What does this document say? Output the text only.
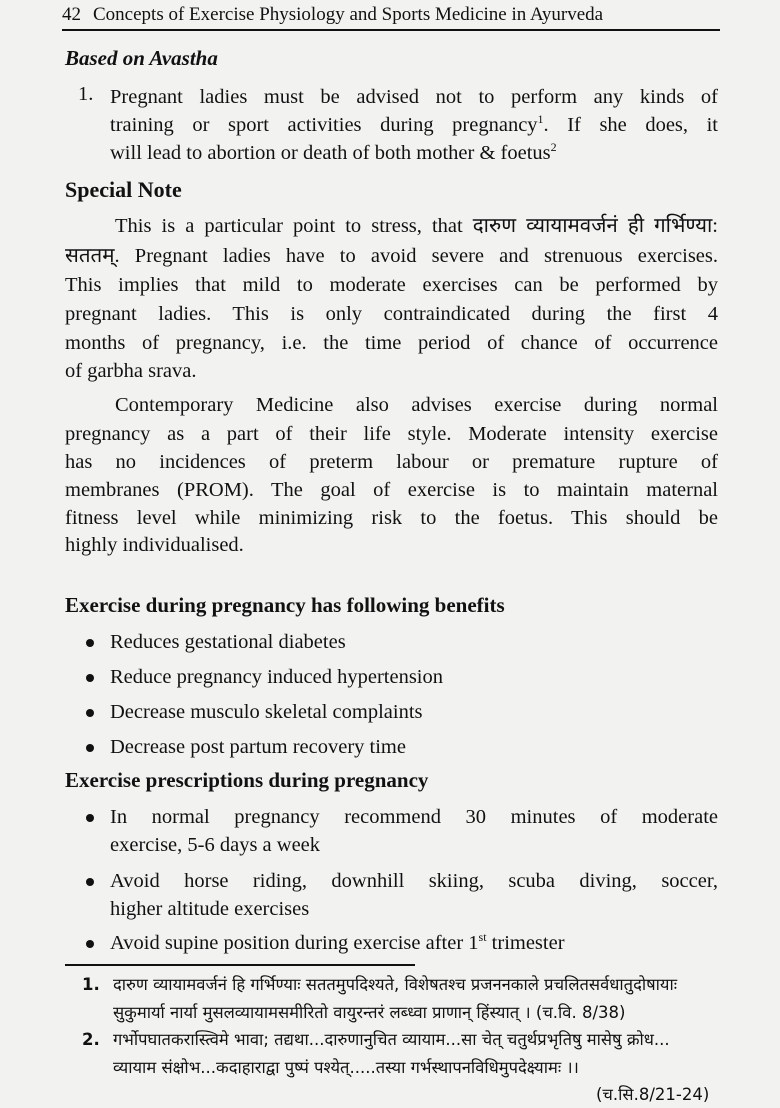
42 Concepts of Exercise Physiology and Sports Medicine in Ayurveda
Based on Avastha
1. Pregnant ladies must be advised not to perform any kinds of
training or sport activities during pregnancy$^1$. If she does, it
will lead to abortion or death of both mother & foetus$^2$
Special Note
This is a particular point to stress, that दारुण व्यायामवर्जनं ही गर्भिण्या:
सततम्. Pregnant ladies have to avoid severe and strenuous exercises.
This implies that mild to moderate exercises can be performed by
pregnant ladies. This is only contraindicated during the first 4
months of pregnancy, i.e. the time period of chance of occurrence
of garbha srava.
Contemporary Medicine also advises exercise during normal
pregnancy as a part of their life style. Moderate intensity exercise
has no incidences of preterm labour or premature rupture of
membranes (PROM). The goal of exercise is to maintain maternal
fitness level while minimizing risk to the foetus. This should be
highly individualised.
Exercise during pregnancy has following benefits
Reduces gestational diabetes
Reduce pregnancy induced hypertension
Decrease musculo skeletal complaints
Decrease post partum recovery time
Exercise prescriptions during pregnancy
In normal pregnancy recommend 30 minutes of moderate
exercise, 5-6 days a week
Avoid horse riding, downhill skiing, scuba diving, soccer,
higher altitude exercises
Avoid supine position during exercise after 1st trimester
1. दारुण व्यायामवर्जनं हि गर्भिण्याः सततमुपदिश्यते, विशेषतश्च प्रजननकाले प्रचलितसर्वधातुदोषायाः
सुकुमार्या नार्या मुसलव्यायामसमीरितो वायुरन्तरं लब्ध्वा प्राणान् हिंस्यात् । (च.वि. 8/38)
2. गर्भोपघातकरास्त्विमे भावा; तद्यथा...दारुणानुचित व्यायाम...सा चेत् चतुर्थप्रभृतिषु मासेषु क्रोध...
व्यायाम संक्षोभ...कदाहाराद्वा पुष्पं पश्येत्.....तस्या गर्भस्थापनविधिमुपदेक्ष्यामः ।।
(च.सि.8/21-24)
